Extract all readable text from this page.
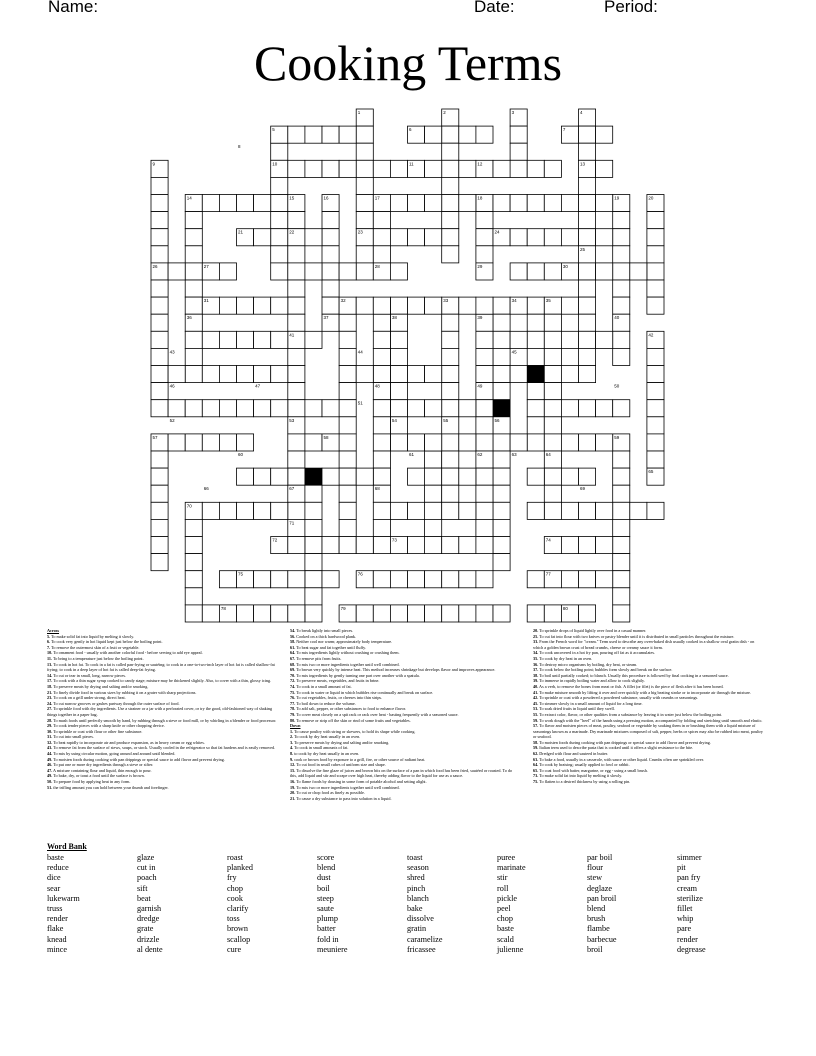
Name:	Date:	Period:
Cooking Terms
1	2	3	4
5	6	7
8
9	10	11	12	13
14	15	16	17	18	19	20
21	22	23	24
25
26	27	28	29	30
31	32	33	34	35
36	37	38	39	40
41	42
43	44	45
46	47	48	49	50
51
52	53	54	55	56
57	58	59
60	61	62	63	64
65
66	67	68	69
70
71
72	73	74
75	76	77
78	79	80
Across
5. To make solid fat into liquid by melting it slowly.
6. To cook very gently in hot liquid kept just below the boiling point.
7. To remove the outermost skin of a fruit or vegetable.
10. To ornament food - usually with another colorful food - before serving to add eye appeal.
11. To bring to a temperature just below the boiling point.
13. To cook in hot fat. To cook in a fat is called pan-frying or sautéing; to cook in a one-to-two-inch layer of hot fat is called shallow-fat frying; to cook in a deep layer of hot fat is called deep-fat frying.
14. To cut or tear in small, long, narrow pieces.
17. To cook with a thin sugar syrup cooked to candy stage; mixture may be thickened slightly. Also, to cover with a thin, glossy icing.
18. To preserve meats by drying and salting and/or smoking.
21. To finely divide food in various sizes by rubbing it on a grater with sharp projections.
23. To cook on a grill under strong, direct heat.
24. To cut narrow grooves or gashes partway through the outer surface of food.
27. To sprinkle food with dry ingredients. Use a strainer or a jar with a perforated cover, or try the good, old-fashioned way of shaking things together in a paper bag.
28. To mash foods until perfectly smooth by hand, by rubbing through a sieve or food mill, or by whirling in a blender or food processor.
29. To cook tender pieces with a sharp knife or other chopping device.
30. To sprinkle or coat with flour or other fine substance.
31. To cut into small pieces.
32. To beat rapidly to incorporate air and produce expansion, as in heavy cream or egg whites.
43. To remove fat from the surface of stews, soups, or stock. Usually cooled in the refrigerator so that fat hardens and is easily removed.
44. To mix by using circular motion, going around and around until blended.
49. To moisten foods during cooking with pan drippings or special sauce to add flavor and prevent drying.
46. To put one or more dry ingredients through a sieve or sifter.
47. A mixture containing flour and liquid, thin enough to pour.
49. To bake, dry, or toast a food until the surface is brown.
50. To prepare food by applying heat in any form.
51. the trifling amount you can hold between your thumb and forefinger.
54. To break lightly into small pieces.
56. Cooked on a thick hardwood plank.
58. Neither cool nor warm; approximately body temperature.
61. To beat sugar and fat together until fluffy.
64. To mix ingredients lightly without crushing or crushing them.
67. To remove pits from fruits.
68. To mix two or more ingredients together until well combined.
69. To brown very quickly by intense heat. This method increases shrinkage but develops flavor and improves appearance.
70. To mix ingredients by gently turning one part over another with a spatula.
72. To preserve meats, vegetables, and fruits in brine.
74. To cook in a small amount of fat.
75. To cook in water or liquid in which bubbles rise continually and break on surface.
76. To cut vegetables, fruits, or cheeses into thin strips.
77. To boil down to reduce the volume.
78. To add salt, pepper, or other substances to food to enhance flavor.
79. To cover meat closely on a spit rack or rack over heat - basting frequently with a seasoned sauce.
80. To remove or strip off the skin or rind of some fruits and vegetables.
Down
1. To cause poultry with string or skewers, to hold its shape while cooking.
2. To cook by dry heat usually in an oven.
3. To preserve meats by drying and salting and/or smoking.
4. To cook in small amounts of fat.
8. to cook by dry heat usually in an oven.
9. cook or brown food by exposure to a grill, fire, or other source of radiant heat.
12. To cut food in small cubes of uniform size and shape.
15. To dissolve the fine glaze of juices and brown bits on the surface of a pan in which food has been fried, sautéed or roasted. To do this, add liquid and stir and scrape over high heat, thereby adding flavor to the liquid for use as a sauce.
16. To flame foods by dousing in some form of potable alcohol and setting alight.
19. To mix two or more ingredients together until well combined.
20. To cut or chop food as finely as possible.
21. To cause a dry substance to pass into solution in a liquid.
20. To sprinkle drops of liquid lightly over food in a casual manner.
25. To cut fat into flour with two knives or pastry blender until it is distributed in small particles throughout the mixture.
33. From the French word for "cream." Term used to describe any oven-baked dish usually cooked in a shallow oval gratin dish - on which a golden brown crust of bread crumbs, cheese or creamy sauce it form.
34. To cook uncovered in a hot fry pan, pouring off fat as it accumulates.
35. To cook by dry heat in an oven.
36. To destroy micro organisms by boiling, dry heat, or steam.
37. To cook below the boiling point; bubbles form slowly and break on the surface.
38. To boil until partially cooked; to blanch. Usually this procedure is followed by final cooking in a seasoned sauce.
39. To immerse in rapidly boiling water and allow to cook slightly.
40. As a verb, to remove the bones from meat or fish. A fillet (or filet) is the piece of flesh after it has been boned.
41. To make mixture smooth by lifting it over and over quickly with a big beating stroke or to incorporate air through the mixture.
42. To sprinkle or coat with a powdered a powdered substance, usually with crumbs or seasonings.
45. To simmer slowly in a small amount of liquid for a long time.
53. To soak dried fruits in liquid until they swell.
55. To extract color, flavor, or other qualities from a substance by leaving it in water just below the boiling point.
59. To work dough with the "heel" of the hands using a pressing motion, accompanied by folding and stretching until smooth and elastic.
57. To flavor and moisten pieces of meat, poultry, seafood or vegetable by soaking them in or brushing them with a liquid mixture of seasonings known as a marinade. Dry marinade mixtures composed of salt, pepper, herbs or spices may also be rubbed into meat, poultry or seafood.
58. To moisten foods during cooking with pan drippings or special sauce to add flavor and prevent drying.
59. Italian term used to describe pasta that is cooked until it offers a slight resistance to the bite.
62. Dredged with flour and sauteed in butter.
63. To bake a food, usually in a casserole, with sauce or other liquid. Crumbs often are sprinkled over.
64. To cook by braising; usually applied to fowl or rabbit.
65. To coat food with batter, margarine, or egg - using a small brush.
73. To make solid fat into liquid by melting it slowly.
75. To flatten to a desired thickness by using a rolling pin.
Word Bank
baste
reduce
dice
sear
lukewarm
truss
render
flake
knead
mince
glaze
cut in
poach
sift
beat
garnish
dredge
grate
drizzle
al dente
roast
planked
fry
chop
cook
clarify
toss
brown
scallop
cure
score
blend
dust
boil
steep
saute
plump
batter
fold in
meuniere
toast
season
shred
pinch
blanch
bake
dissolve
gratin
caramelize
fricassee
puree
marinate
stir
roll
pickle
peel
chop
baste
scald
julienne
par boil
flour
stew
deglaze
pan broil
blend
brush
flambe
barbecue
broil
simmer
pit
pan fry
cream
sterilize
fillet
whip
pare
render
degrease
